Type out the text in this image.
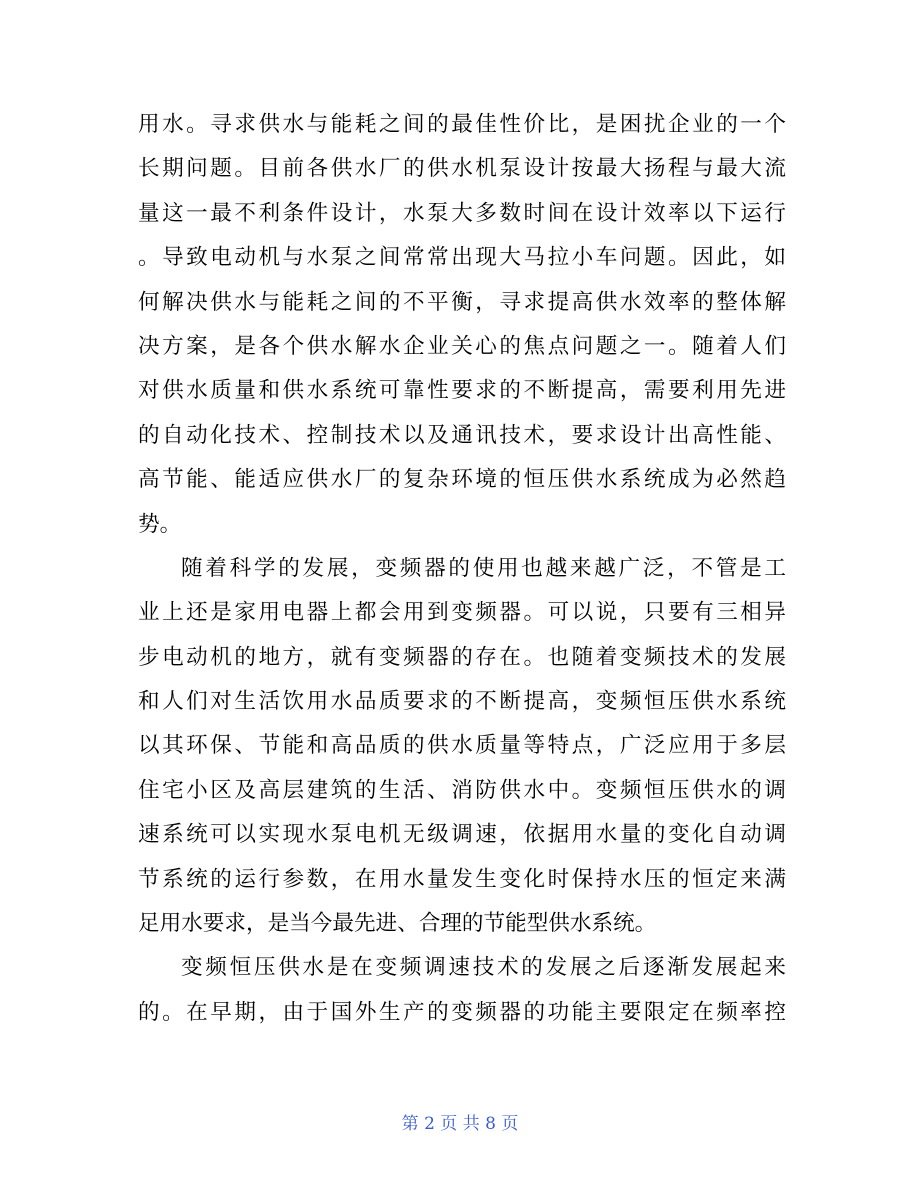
用水。寻求供水与能耗之间的最佳性价比，是困扰企业的一个
长期问题。目前各供水厂的供水机泵设计按最大扬程与最大流
量这一最不利条件设计，水泵大多数时间在设计效率以下运行
。导致电动机与水泵之间常常出现大马拉小车问题。因此，如
何解决供水与能耗之间的不平衡，寻求提高供水效率的整体解
决方案，是各个供水解水企业关心的焦点问题之一。随着人们
对供水质量和供水系统可靠性要求的不断提高，需要利用先进
的自动化技术、控制技术以及通讯技术，要求设计出高性能、
高节能、能适应供水厂的复杂环境的恒压供水系统成为必然趋
势。
随着科学的发展，变频器的使用也越来越广泛，不管是工
业上还是家用电器上都会用到变频器。可以说，只要有三相异
步电动机的地方，就有变频器的存在。也随着变频技术的发展
和人们对生活饮用水品质要求的不断提高，变频恒压供水系统
以其环保、节能和高品质的供水质量等特点，广泛应用于多层
住宅小区及高层建筑的生活、消防供水中。变频恒压供水的调
速系统可以实现水泵电机无级调速，依据用水量的变化自动调
节系统的运行参数，在用水量发生变化时保持水压的恒定来满
足用水要求，是当今最先进、合理的节能型供水系统。
变频恒压供水是在变频调速技术的发展之后逐渐发展起来
的。在早期，由于国外生产的变频器的功能主要限定在频率控
第 2 页 共 8 页
